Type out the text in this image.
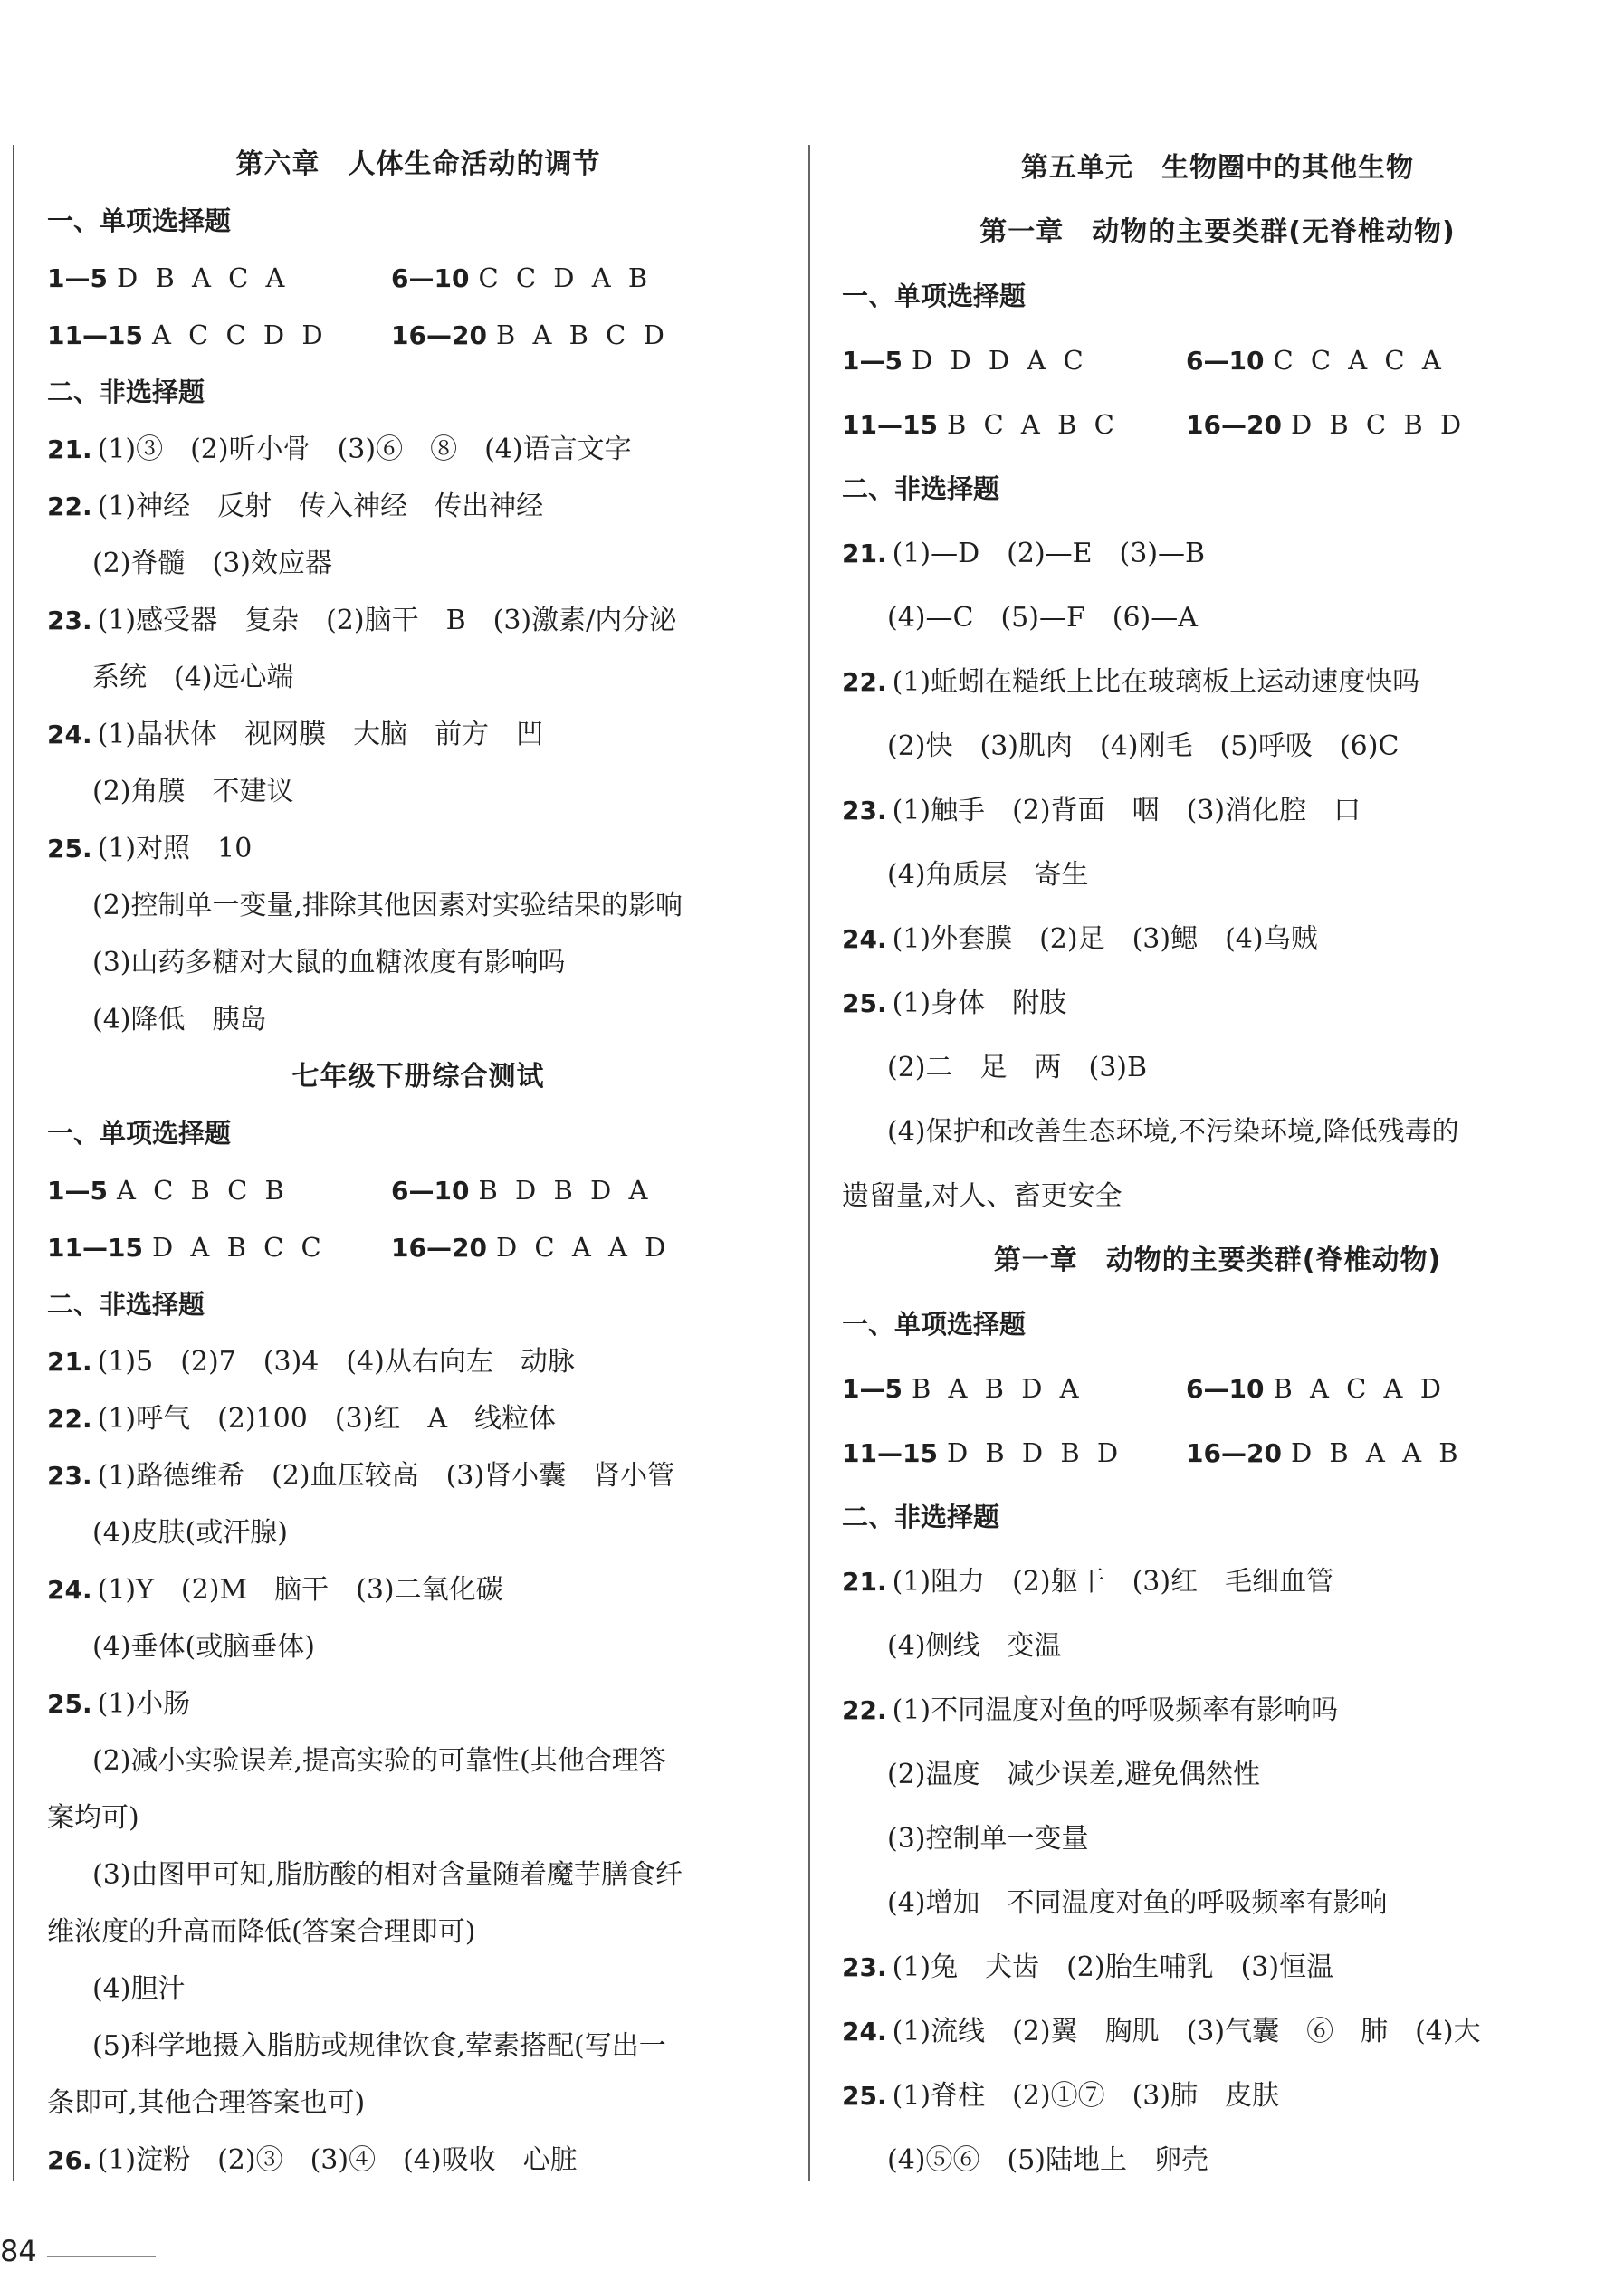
第六章　人体生命活动的调节
一、单项选择题
1—5 D B A C A	6—10 C C D A B
11—15 A C C D D	16—20 B A B C D
二、非选择题
21. (1)③　(2)听小骨　(3)⑥　⑧　(4)语言文字
22. (1)神经　反射　传入神经　传出神经
(2)脊髓　(3)效应器
23. (1)感受器　复杂　(2)脑干　B　(3)激素/内分泌
系统　(4)远心端
24. (1)晶状体　视网膜　大脑　前方　凹
(2)角膜　不建议
25. (1)对照　10
(2)控制单一变量,排除其他因素对实验结果的影响
(3)山药多糖对大鼠的血糖浓度有影响吗
(4)降低　胰岛
七年级下册综合测试
一、单项选择题
1—5 A C B C B	6—10 B D B D A
11—15 D A B C C	16—20 D C A A D
二、非选择题
21. (1)5　(2)7　(3)4　(4)从右向左　动脉
22. (1)呼气　(2)100　(3)红　A　线粒体
23. (1)路德维希　(2)血压较高　(3)肾小囊　肾小管
(4)皮肤(或汗腺)
24. (1)Y　(2)M　脑干　(3)二氧化碳
(4)垂体(或脑垂体)
25. (1)小肠
(2)减小实验误差,提高实验的可靠性(其他合理答
案均可)
(3)由图甲可知,脂肪酸的相对含量随着魔芋膳食纤
维浓度的升高而降低(答案合理即可)
(4)胆汁
(5)科学地摄入脂肪或规律饮食,荤素搭配(写出一
条即可,其他合理答案也可)
26. (1)淀粉　(2)③　(3)④　(4)吸收　心脏
第五单元　生物圈中的其他生物
第一章　动物的主要类群(无脊椎动物)
一、单项选择题
1—5 D D D A C	6—10 C C A C A
11—15 B C A B C	16—20 D B C B D
二、非选择题
21. (1)—D　(2)—E　(3)—B
(4)—C　(5)—F　(6)—A
22. (1)蚯蚓在糙纸上比在玻璃板上运动速度快吗
(2)快　(3)肌肉　(4)刚毛　(5)呼吸　(6)C
23. (1)触手　(2)背面　咽　(3)消化腔　口
(4)角质层　寄生
24. (1)外套膜　(2)足　(3)鳃　(4)乌贼
25. (1)身体　附肢
(2)二　足　两　(3)B
(4)保护和改善生态环境,不污染环境,降低残毒的
遗留量,对人、畜更安全
第一章　动物的主要类群(脊椎动物)
一、单项选择题
1—5 B A B D A	6—10 B A C A D
11—15 D B D B D	16—20 D B A A B
二、非选择题
21. (1)阻力　(2)躯干　(3)红　毛细血管
(4)侧线　变温
22. (1)不同温度对鱼的呼吸频率有影响吗
(2)温度　减少误差,避免偶然性
(3)控制单一变量
(4)增加　不同温度对鱼的呼吸频率有影响
23. (1)兔　犬齿　(2)胎生哺乳　(3)恒温
24. (1)流线　(2)翼　胸肌　(3)气囊　⑥　肺　(4)大
25. (1)脊柱　(2)①⑦　(3)肺　皮肤
(4)⑤⑥　(5)陆地上　卵壳
84
